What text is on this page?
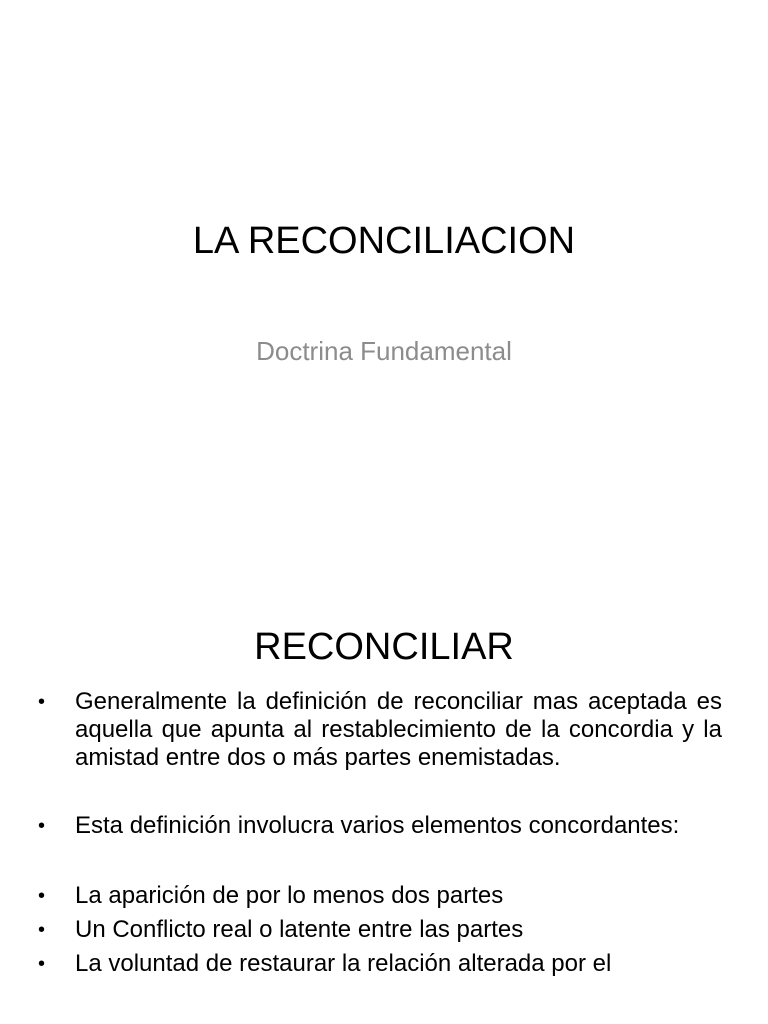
LA RECONCILIACION

Doctrina Fundamental

RECONCILIAR
•	Generalmente la definición de reconciliar mas aceptada es aquella que apunta al restablecimiento de la concordia y la amistad entre dos o más partes enemistadas.
•	Esta definición involucra varios elementos concordantes:
•	La aparición de por lo menos dos partes
•	Un Conflicto real o latente entre las partes
•	La voluntad de restaurar la relación alterada por el
